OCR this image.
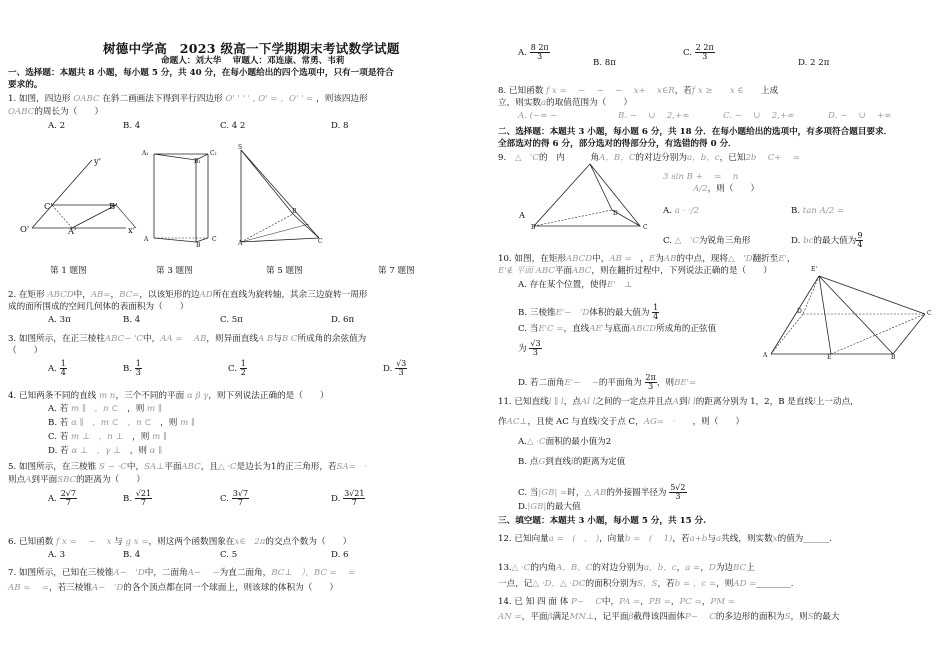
树德中学高　2023 级高一下学期期末考试数学试题
命题人：刘大华　 审题人：邓连康、常勇、韦莉
一、选择题：本题共 8 小题，每小题 5 分，共 40 分，在每小题给出的四个选项中，只有一项是符合
要求的。
1. 如图，四边形 OABC 在斜二画画法下得到平行四边形 O' ' ' ' , O' = ，O' ' = ，则该四边形
OABC的周长为（　　）
A. 2	B. 4	C. 4 2	D. 8
y'
x'
O'
C'	B'
A'
A₁	C₁
B₁
A
B
C
S
A
B
C
第 1 题图	第 3 题图	第 5 题图	第 7 题图
2. 在矩形 ABCD中，AB=，BC=，以该矩形的边AD所在直线为旋转轴，其余三边旋转一周形
成的面所围成的空间几何体的表面积为（　　）
A. 3π	B. 4	C. 5π	D. 6π
3. 如图所示，在正三棱柱ABC− 'C中，AA =　 AB，则异面直线A B与B C所成角的余弦值为
（　　）
A. $\frac{1}{4}$	B. $\frac{1}{3}$	C. $\frac{1}{2}$	D. $\frac{√3}{3}$
4. 已知两条不同的直线 m n，三个不同的平面 α β γ，则下列说法正确的是（　　）
A. 若 m ∥　，n ⊂　，则 m ∥
B. 若 α ∥　，m ⊂　，n ⊂　，则 m ∥
C. 若 m ⊥　，n ⊥　，则 m ∥
D. 若 α ⊥　，γ ⊥　，则 α ∥
5. 如图所示，在三棱锥 S − ·C中，SA⊥平面ABC，且△ ·C是边长为1的正三角形，若SA=　·
则点A到平面SBC的距离为（　　）
A. $\frac{2√7}{7}$	B. $\frac{√21}{7}$	C. $\frac{3√7}{7}$	D. $\frac{3√21}{7}$
6. 已知函数 f x =　 −　 x 与 g x =，则这两个函数图象在x∈　2π的交点个数为（　　）
A. 3	B. 4	C. 5	D. 6
7. 如图所示，已知在三棱锥A−　'D中，二面角A−　 −为直二面角，BC⊥　），BC =　 =
AB =　 =，若三棱锥A−　'D的各个顶点都在同一个球面上，则该球的体积为（　　）
A. $\frac{8 2\pi}{3}$
B. 8π
C. $\frac{2 2\pi}{3}$
D. 2 2π
8. 已知函数 f x =　 −　 −　 −　 x+　 x∈R，若f x ≥　　 x ∈　　 上成
立，则实数a的取值范围为（　　）
A. (−∞ −	B. −　 ∪　 2,+∞	C. −　 ∪　 2,+∞	D. −　 ∪　 +∞
二、选择题：本题共 3 小题，每小题 6 分，共 18 分．在每小题给出的选项中，有多项符合题目要求．
全部选对的得 6 分，部分选对的得部分分，有选错的得 0 分．
9.　 △　'C的　内　　　角A，B，C的对边分别为a，b，c，已知2b　 C+　 =
3 sin B +　 = 　n
A/2，则（　　）
A
B	C
D	A. a · ·/2	B. tan A/2 =
C. △　'C为锐角三角形	D. bc的最大值为 $\frac{9}{4}$
10. 如图，在矩形ABCD中，AB =　，E为AB的中点，现将△　'D翻折至E'，
E'∉ 平面 ABC平面ABC，则在翻折过程中，下列说法正确的是（　　）
A. 存在某个位置，使得E'　⊥
B. 三棱锥E'−　'D体积的最大值为 $\frac{1}{4}$
C. 当E'C =，直线AE'与底面ABCD所成角的正弦值
为 $\frac{√3}{3}$
D. 若二面角E'−　 −的平面角为 $\frac{2\pi}{3}$ ，则BE'=
E'
A	E	B
C
D
11. 已知直线l ∥ l，点Al l之间的一定点并且点A到l l的距离分别为 1，2，B 是直线l上一动点，
作AC⊥，且使 AC 与直线l交于点 C，AG=　·　　 ，则（　　）
A.△ ·C面积的最小值为2
B. 点G到直线l的距离为定值
C. 当|GB| =时，△ AB的外接圆半径为 $\frac{5√2}{3}$
D.|GB|的最大值
三、填空题：本题共 3 小题，每小题 5 分，共 15 分.
12. 已知向量a =　(　,　)，向量b =　(　 1)，若a+b与a共线，则实数x的值为______.
13.△ ·C的内角A，B，C的对边分别为a，b，c，a =，D为边BC上
一点，记△ ·D，△ ·DC的面积分别为S，S，若b = ，c =，则AD =________.
14. 已 知 四 面 体 P−　 C中，PA =，PB =，PC =，PM =
AN =，平面β满足MN⊥，记平面β截得该四面体P−　 C的多边形的面积为S，则S的最大
